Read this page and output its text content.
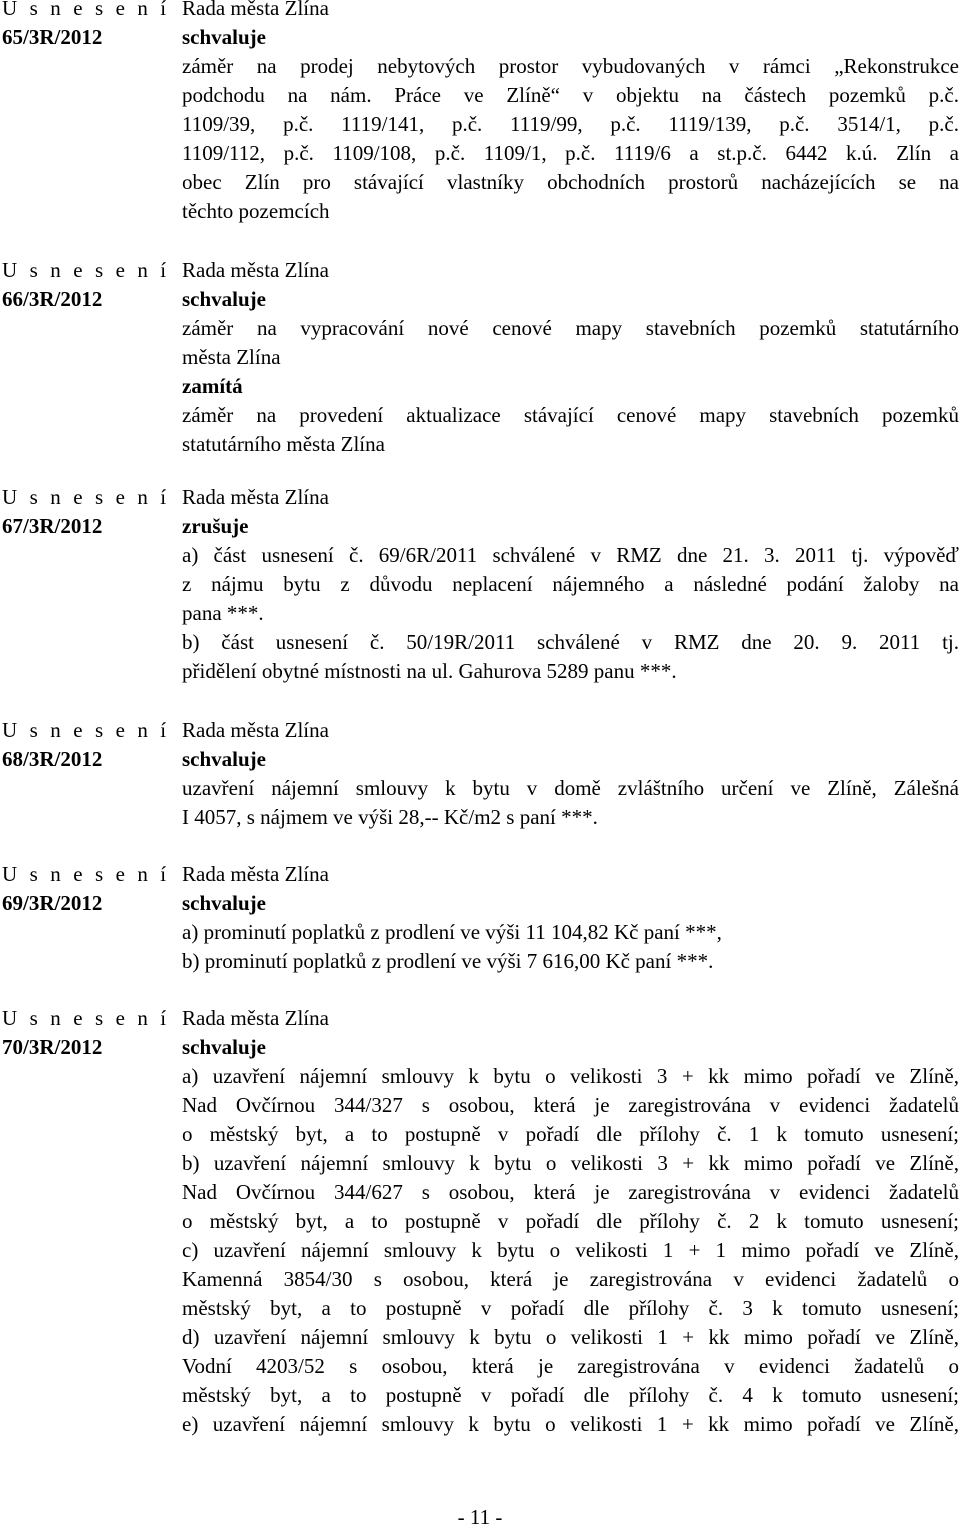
U s n e s e n í
65/3R/2012
Rada města Zlína
schvaluje
záměr na prodej nebytových prostor vybudovaných v rámci „Rekonstrukce
podchodu na nám. Práce ve Zlíně“ v objektu na částech pozemků p.č.
1109/39, p.č. 1119/141, p.č. 1119/99, p.č. 1119/139, p.č. 3514/1, p.č.
1109/112, p.č. 1109/108, p.č. 1109/1, p.č. 1119/6 a st.p.č. 6442 k.ú. Zlín a
obec Zlín pro stávající vlastníky obchodních prostorů nacházejících se na
těchto pozemcích
U s n e s e n í
66/3R/2012
Rada města Zlína
schvaluje
záměr na vypracování nové cenové mapy stavebních pozemků statutárního
města Zlína
zamítá
záměr na provedení aktualizace stávající cenové mapy stavebních pozemků
statutárního města Zlína
U s n e s e n í
67/3R/2012
Rada města Zlína
zrušuje
a) část usnesení č. 69/6R/2011 schválené v RMZ dne 21. 3. 2011 tj. výpověď
z nájmu bytu z důvodu neplacení nájemného a následné podání žaloby na
pana ***.
b) část usnesení č. 50/19R/2011 schválené v RMZ dne 20. 9. 2011 tj.
přidělení obytné místnosti na ul. Gahurova 5289 panu ***.
U s n e s e n í
68/3R/2012
Rada města Zlína
schvaluje
uzavření nájemní smlouvy k bytu v domě zvláštního určení ve Zlíně, Zálešná
I 4057, s nájmem ve výši 28,-- Kč/m2 s paní ***.
U s n e s e n í
69/3R/2012
Rada města Zlína
schvaluje
a) prominutí poplatků z prodlení ve výši 11 104,82 Kč paní ***,
b) prominutí poplatků z prodlení ve výši 7 616,00 Kč paní ***.
U s n e s e n í
70/3R/2012
Rada města Zlína
schvaluje
a) uzavření nájemní smlouvy k bytu o velikosti 3 + kk mimo pořadí ve Zlíně,
Nad Ovčírnou 344/327 s osobou, která je zaregistrována v evidenci žadatelů
o městský byt, a to postupně v pořadí dle přílohy č. 1 k tomuto usnesení;
b) uzavření nájemní smlouvy k bytu o velikosti 3 + kk mimo pořadí ve Zlíně,
Nad Ovčírnou 344/627 s osobou, která je zaregistrována v evidenci žadatelů
o městský byt, a to postupně v pořadí dle přílohy č. 2 k tomuto usnesení;
c) uzavření nájemní smlouvy k bytu o velikosti 1 + 1 mimo pořadí ve Zlíně,
Kamenná 3854/30 s osobou, která je zaregistrována v evidenci žadatelů o
městský byt, a to postupně v pořadí dle přílohy č. 3 k tomuto usnesení;
d) uzavření nájemní smlouvy k bytu o velikosti 1 + kk mimo pořadí ve Zlíně,
Vodní 4203/52 s osobou, která je zaregistrována v evidenci žadatelů o
městský byt, a to postupně v pořadí dle přílohy č. 4 k tomuto usnesení;
e) uzavření nájemní smlouvy k bytu o velikosti 1 + kk mimo pořadí ve Zlíně,
- 11 -
